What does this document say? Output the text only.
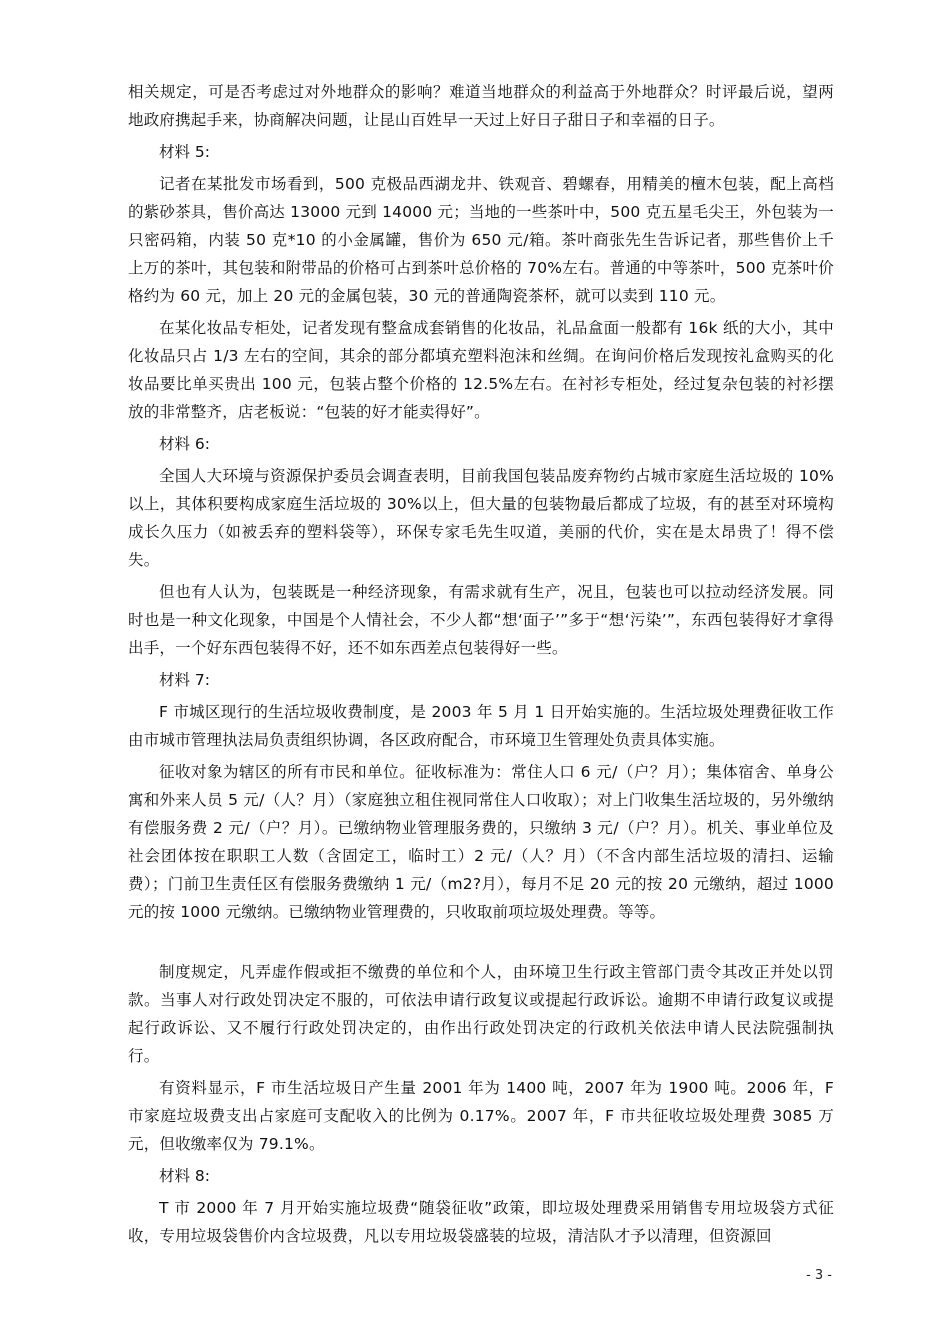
相关规定，可是否考虑过对外地群众的影响？难道当地群众的利益高于外地群众？时评最后说，望两地政府携起手来，协商解决问题，让昆山百姓早一天过上好日子甜日子和幸福的日子。

材料 5:

记者在某批发市场看到，500 克极品西湖龙井、铁观音、碧螺春，用精美的檀木包装，配上高档的紫砂茶具，售价高达 13000 元到 14000 元；当地的一些茶叶中，500 克五星毛尖王，外包装为一只密码箱，内装 50 克*10 的小金属罐，售价为 650 元/箱。茶叶商张先生告诉记者，那些售价上千上万的茶叶，其包装和附带品的价格可占到茶叶总价格的 70%左右。普通的中等茶叶，500 克茶叶价格约为 60 元，加上 20 元的金属包装，30 元的普通陶瓷茶杯，就可以卖到 110 元。

在某化妆品专柜处，记者发现有整盒成套销售的化妆品，礼品盒面一般都有 16k 纸的大小，其中化妆品只占 1/3 左右的空间，其余的部分都填充塑料泡沫和丝绸。在询问价格后发现按礼盒购买的化妆品要比单买贵出 100 元，包装占整个价格的 12.5%左右。在衬衫专柜处，经过复杂包装的衬衫摆放的非常整齐，店老板说：“包装的好才能卖得好”。

材料 6:

全国人大环境与资源保护委员会调查表明，目前我国包装品废弃物约占城市家庭生活垃圾的 10%以上，其体积要构成家庭生活垃圾的 30%以上，但大量的包装物最后都成了垃圾，有的甚至对环境构成长久压力（如被丢弃的塑料袋等），环保专家毛先生叹道，美丽的代价，实在是太昂贵了！得不偿失。

但也有人认为，包装既是一种经济现象，有需求就有生产，况且，包装也可以拉动经济发展。同时也是一种文化现象，中国是个人情社会，不少人都“想‘面子’”多于“想‘污染’”，东西包装得好才拿得出手，一个好东西包装得不好，还不如东西差点包装得好一些。

材料 7:

F 市城区现行的生活垃圾收费制度，是 2003 年 5 月 1 日开始实施的。生活垃圾处理费征收工作由市城市管理执法局负责组织协调，各区政府配合，市环境卫生管理处负责具体实施。

征收对象为辖区的所有市民和单位。征收标准为：常住人口 6 元/（户？月）；集体宿舍、单身公寓和外来人员 5 元/（人？月）（家庭独立租住视同常住人口收取）；对上门收集生活垃圾的，另外缴纳有偿服务费 2 元/（户？月）。已缴纳物业管理服务费的，只缴纳 3 元/（户？月）。机关、事业单位及社会团体按在职职工人数（含固定工，临时工）2 元/（人？月）（不含内部生活垃圾的清扫、运输费）；门前卫生责任区有偿服务费缴纳 1 元/（m2?月），每月不足 20 元的按 20 元缴纳，超过 1000 元的按 1000 元缴纳。已缴纳物业管理费的，只收取前项垃圾处理费。等等。

制度规定，凡弄虚作假或拒不缴费的单位和个人，由环境卫生行政主管部门责令其改正并处以罚款。当事人对行政处罚决定不服的，可依法申请行政复议或提起行政诉讼。逾期不申请行政复议或提起行政诉讼、又不履行行政处罚决定的，由作出行政处罚决定的行政机关依法申请人民法院强制执行。

有资料显示，F 市生活垃圾日产生量 2001 年为 1400 吨，2007 年为 1900 吨。2006 年，F 市家庭垃圾费支出占家庭可支配收入的比例为 0.17%。2007 年，F 市共征收垃圾处理费 3085 万元，但收缴率仅为 79.1%。

材料 8:

T 市 2000 年 7 月开始实施垃圾费“随袋征收”政策，即垃圾处理费采用销售专用垃圾袋方式征收，专用垃圾袋售价内含垃圾费，凡以专用垃圾袋盛装的垃圾，清洁队才予以清理，但资源回

- 3 -
